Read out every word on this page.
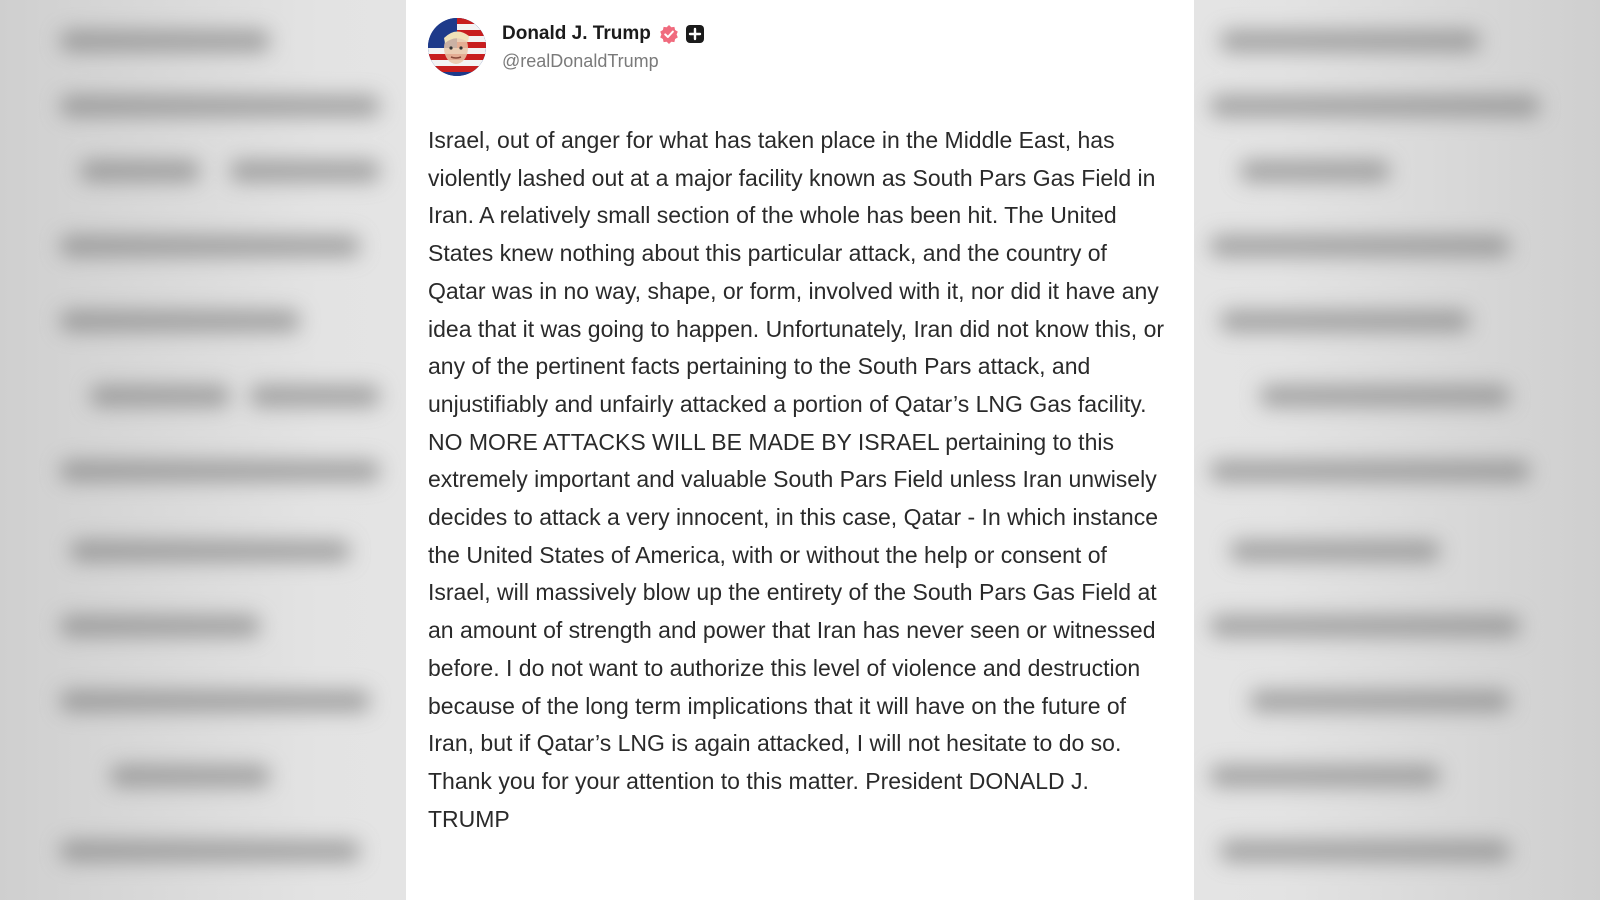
Donald J. Trump
@realDonaldTrump
Israel, out of anger for what has taken place in the Middle East, has violently lashed out at a major facility known as South Pars Gas Field in Iran. A relatively small section of the whole has been hit. The United States knew nothing about this particular attack, and the country of Qatar was in no way, shape, or form, involved with it, nor did it have any idea that it was going to happen. Unfortunately, Iran did not know this, or any of the pertinent facts pertaining to the South Pars attack, and unjustifiably and unfairly attacked a portion of Qatar’s LNG Gas facility. NO MORE ATTACKS WILL BE MADE BY ISRAEL pertaining to this extremely important and valuable South Pars Field unless Iran unwisely decides to attack a very innocent, in this case, Qatar - In which instance the United States of America, with or without the help or consent of Israel, will massively blow up the entirety of the South Pars Gas Field at an amount of strength and power that Iran has never seen or witnessed before. I do not want to authorize this level of violence and destruction because of the long term implications that it will have on the future of Iran, but if Qatar’s LNG is again attacked, I will not hesitate to do so. Thank you for your attention to this matter. President DONALD J. TRUMP
